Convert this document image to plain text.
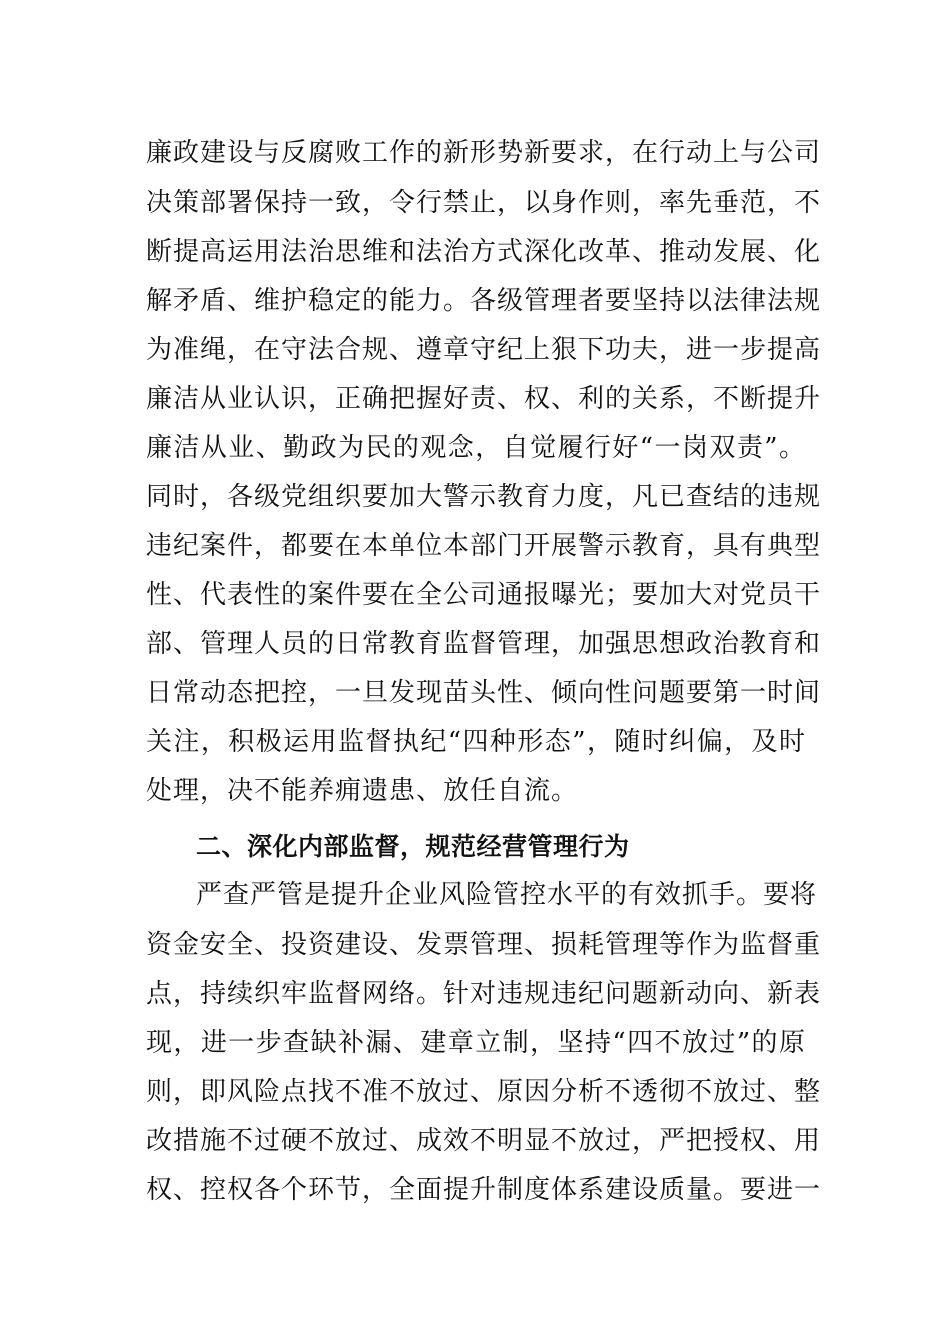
廉政建设与反腐败工作的新形势新要求，在行动上与公司
决策部署保持一致，令行禁止，以身作则，率先垂范，不
断提高运用法治思维和法治方式深化改革、推动发展、化
解矛盾、维护稳定的能力。各级管理者要坚持以法律法规
为准绳，在守法合规、遵章守纪上狠下功夫，进一步提高
廉洁从业认识，正确把握好责、权、利的关系，不断提升
廉洁从业、勤政为民的观念，自觉履行好“一岗双责”。
同时，各级党组织要加大警示教育力度，凡已查结的违规
违纪案件，都要在本单位本部门开展警示教育，具有典型
性、代表性的案件要在全公司通报曝光；要加大对党员干
部、管理人员的日常教育监督管理，加强思想政治教育和
日常动态把控，一旦发现苗头性、倾向性问题要第一时间
关注，积极运用监督执纪“四种形态”，随时纠偏，及时
处理，决不能养痈遗患、放任自流。
二、深化内部监督，规范经营管理行为
严查严管是提升企业风险管控水平的有效抓手。要将
资金安全、投资建设、发票管理、损耗管理等作为监督重
点，持续织牢监督网络。针对违规违纪问题新动向、新表
现，进一步查缺补漏、建章立制，坚持“四不放过”的原
则，即风险点找不准不放过、原因分析不透彻不放过、整
改措施不过硬不放过、成效不明显不放过，严把授权、用
权、控权各个环节，全面提升制度体系建设质量。要进一
